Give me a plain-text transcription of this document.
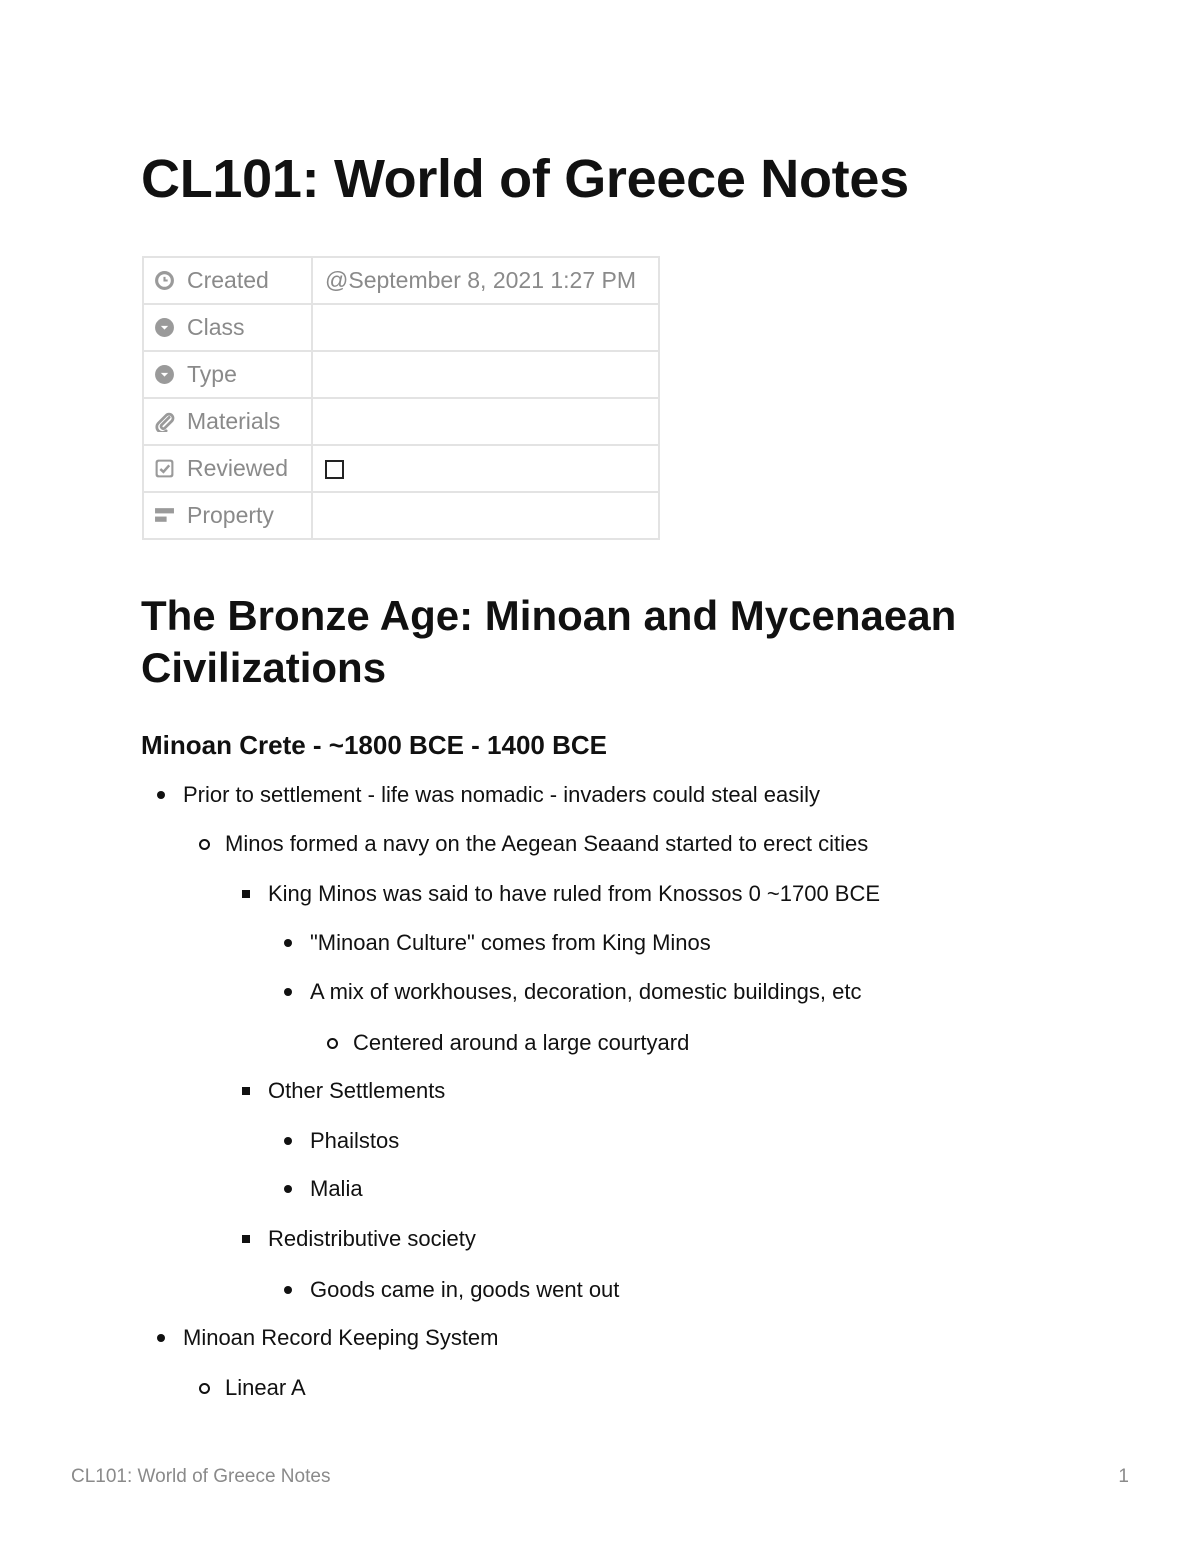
CL101: World of Greece Notes
Created	@September 8, 2021 1:27 PM

Class	

Type	

Materials	

Reviewed	

Property	

The Bronze Age: Minoan and Mycenaean Civilizations
Minoan Crete - ~1800 BCE - 1400 BCE
Prior to settlement - life was nomadic - invaders could steal easily
Minos formed a navy on the Aegean Seaand started to erect cities
King Minos was said to have ruled from Knossos 0 ~1700 BCE
"Minoan Culture" comes from King Minos
A mix of workhouses, decoration, domestic buildings, etc
Centered around a large courtyard
Other Settlements
Phailstos
Malia
Redistributive society
Goods came in, goods went out
Minoan Record Keeping System
Linear A
CL101: World of Greece Notes	1
